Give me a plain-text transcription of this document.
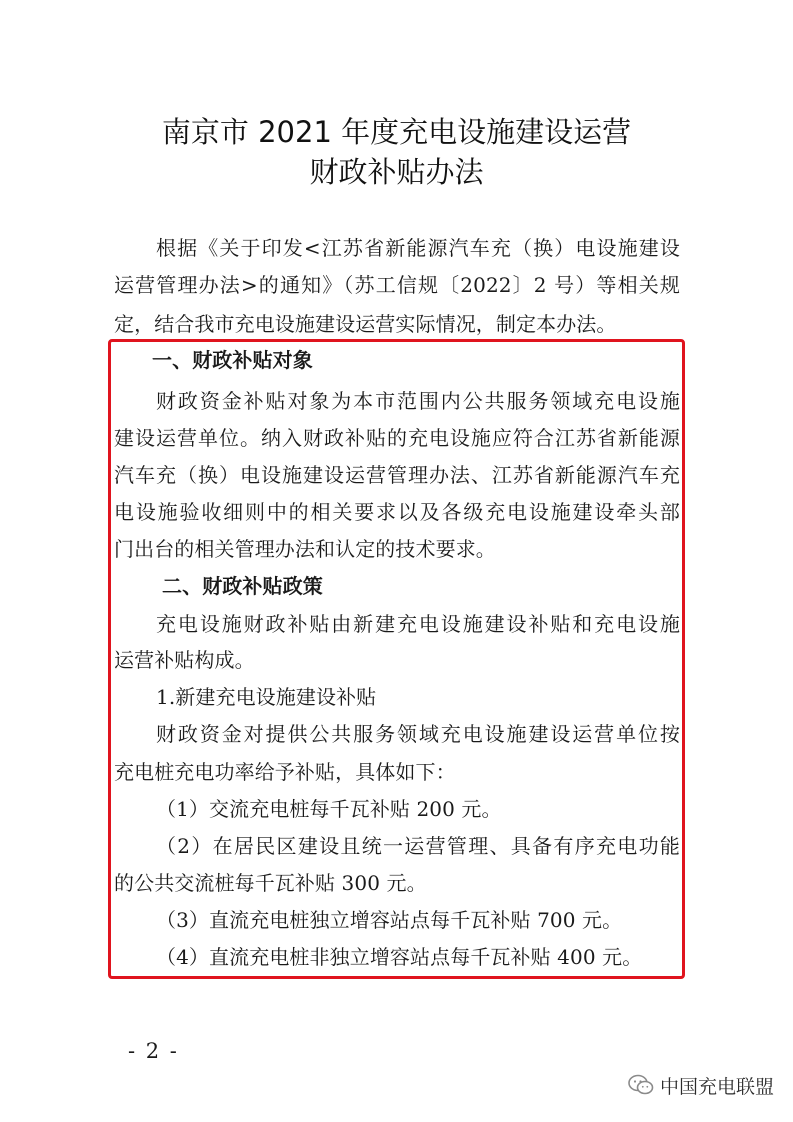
南京市 2021 年度充电设施建设运营
财政补贴办法
根据《关于印发<江苏省新能源汽车充（换）电设施建设
运营管理办法>的通知》（苏工信规〔2022〕2 号）等相关规
定，结合我市充电设施建设运营实际情况，制定本办法。
一、财政补贴对象
财政资金补贴对象为本市范围内公共服务领域充电设施
建设运营单位。纳入财政补贴的充电设施应符合江苏省新能源
汽车充（换）电设施建设运营管理办法、江苏省新能源汽车充
电设施验收细则中的相关要求以及各级充电设施建设牵头部
门出台的相关管理办法和认定的技术要求。
二、财政补贴政策
充电设施财政补贴由新建充电设施建设补贴和充电设施
运营补贴构成。
1.新建充电设施建设补贴
财政资金对提供公共服务领域充电设施建设运营单位按
充电桩充电功率给予补贴，具体如下：
（1）交流充电桩每千瓦补贴 200 元。
（2）在居民区建设且统一运营管理、具备有序充电功能
的公共交流桩每千瓦补贴 300 元。
（3）直流充电桩独立增容站点每千瓦补贴 700 元。
（4）直流充电桩非独立增容站点每千瓦补贴 400 元。
- 2 -
中国充电联盟
